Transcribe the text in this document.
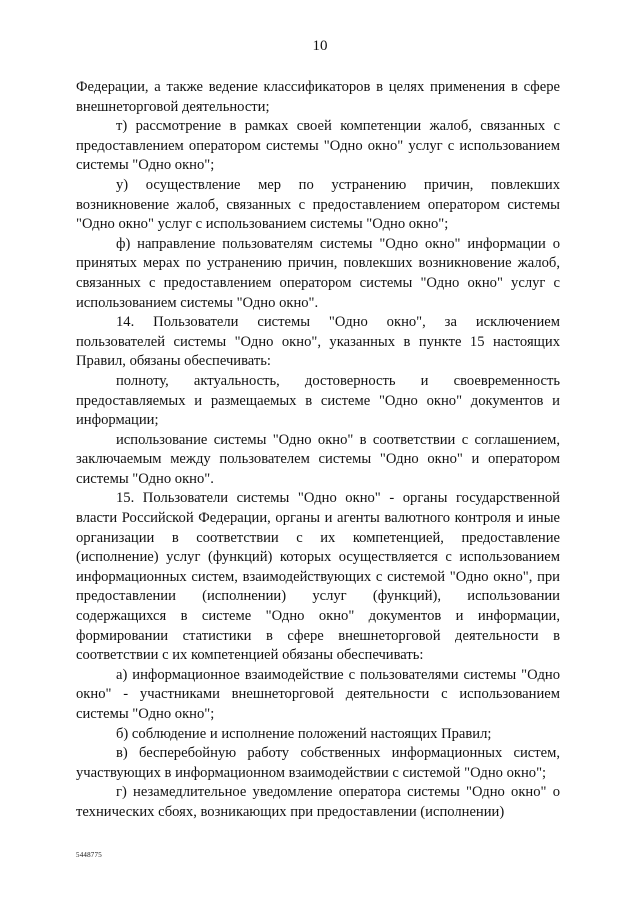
10

Федерации, а также ведение классификаторов в целях применения в сфере внешнеторговой деятельности;

т) рассмотрение в рамках своей компетенции жалоб, связанных с предоставлением оператором системы "Одно окно" услуг с использованием системы "Одно окно";

у) осуществление мер по устранению причин, повлекших возникновение жалоб, связанных с предоставлением оператором системы "Одно окно" услуг с использованием системы "Одно окно";

ф) направление пользователям системы "Одно окно" информации о принятых мерах по устранению причин, повлекших возникновение жалоб, связанных с предоставлением оператором системы "Одно окно" услуг с использованием системы "Одно окно".

14. Пользователи системы "Одно окно", за исключением пользователей системы "Одно окно", указанных в пункте 15 настоящих Правил, обязаны обеспечивать:

полноту, актуальность, достоверность и своевременность предоставляемых и размещаемых в системе "Одно окно" документов и информации;

использование системы "Одно окно" в соответствии с соглашением, заключаемым между пользователем системы "Одно окно" и оператором системы "Одно окно".

15. Пользователи системы "Одно окно" - органы государственной власти Российской Федерации, органы и агенты валютного контроля и иные организации в соответствии с их компетенцией, предоставление (исполнение) услуг (функций) которых осуществляется с использованием информационных систем, взаимодействующих с системой "Одно окно", при предоставлении (исполнении) услуг (функций), использовании содержащихся в системе "Одно окно" документов и информации, формировании статистики в сфере внешнеторговой деятельности в соответствии с их компетенцией обязаны обеспечивать:

а) информационное взаимодействие с пользователями системы "Одно окно" - участниками внешнеторговой деятельности с использованием системы "Одно окно";

б) соблюдение и исполнение положений настоящих Правил;

в) бесперебойную работу собственных информационных систем, участвующих в информационном взаимодействии с системой "Одно окно";

г) незамедлительное уведомление оператора системы "Одно окно" о технических сбоях, возникающих при предоставлении (исполнении)

5448775
